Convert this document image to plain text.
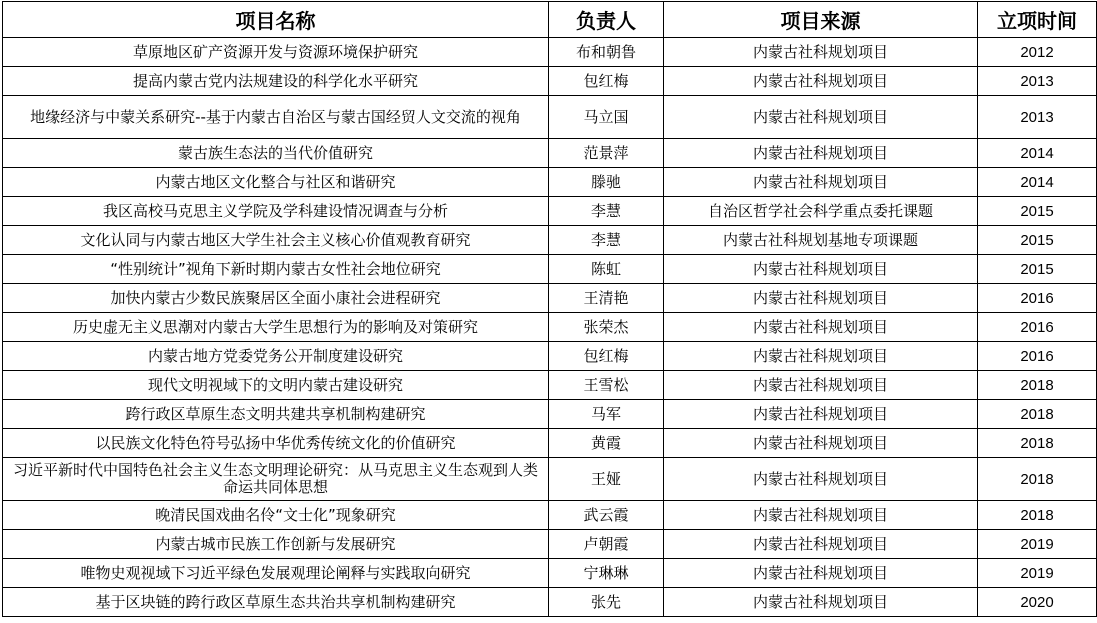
项目名称	负责人	项目来源	立项时间
草原地区矿产资源开发与资源环境保护研究	布和朝鲁	内蒙古社科规划项目	2012
提高内蒙古党内法规建设的科学化水平研究	包红梅	内蒙古社科规划项目	2013
地缘经济与中蒙关系研究--基于内蒙古自治区与蒙古国经贸人文交流的视角	马立国	内蒙古社科规划项目	2013
蒙古族生态法的当代价值研究	范景萍	内蒙古社科规划项目	2014
内蒙古地区文化整合与社区和谐研究	滕驰	内蒙古社科规划项目	2014
我区高校马克思主义学院及学科建设情况调查与分析	李慧	自治区哲学社会科学重点委托课题	2015
文化认同与内蒙古地区大学生社会主义核心价值观教育研究	李慧	内蒙古社科规划基地专项课题	2015
“性别统计”视角下新时期内蒙古女性社会地位研究	陈虹	内蒙古社科规划项目	2015
加快内蒙古少数民族聚居区全面小康社会进程研究	王清艳	内蒙古社科规划项目	2016
历史虚无主义思潮对内蒙古大学生思想行为的影响及对策研究	张荣杰	内蒙古社科规划项目	2016
内蒙古地方党委党务公开制度建设研究	包红梅	内蒙古社科规划项目	2016
现代文明视域下的文明内蒙古建设研究	王雪松	内蒙古社科规划项目	2018
跨行政区草原生态文明共建共享机制构建研究	马军	内蒙古社科规划项目	2018
以民族文化特色符号弘扬中华优秀传统文化的价值研究	黄霞	内蒙古社科规划项目	2018
习近平新时代中国特色社会主义生态文明理论研究：从马克思主义生态观到人类命运共同体思想	王娅	内蒙古社科规划项目	2018
晚清民国戏曲名伶“文士化”现象研究	武云霞	内蒙古社科规划项目	2018
内蒙古城市民族工作创新与发展研究	卢朝霞	内蒙古社科规划项目	2019
唯物史观视域下习近平绿色发展观理论阐释与实践取向研究	宁琳琳	内蒙古社科规划项目	2019
基于区块链的跨行政区草原生态共治共享机制构建研究	张先	内蒙古社科规划项目	2020
